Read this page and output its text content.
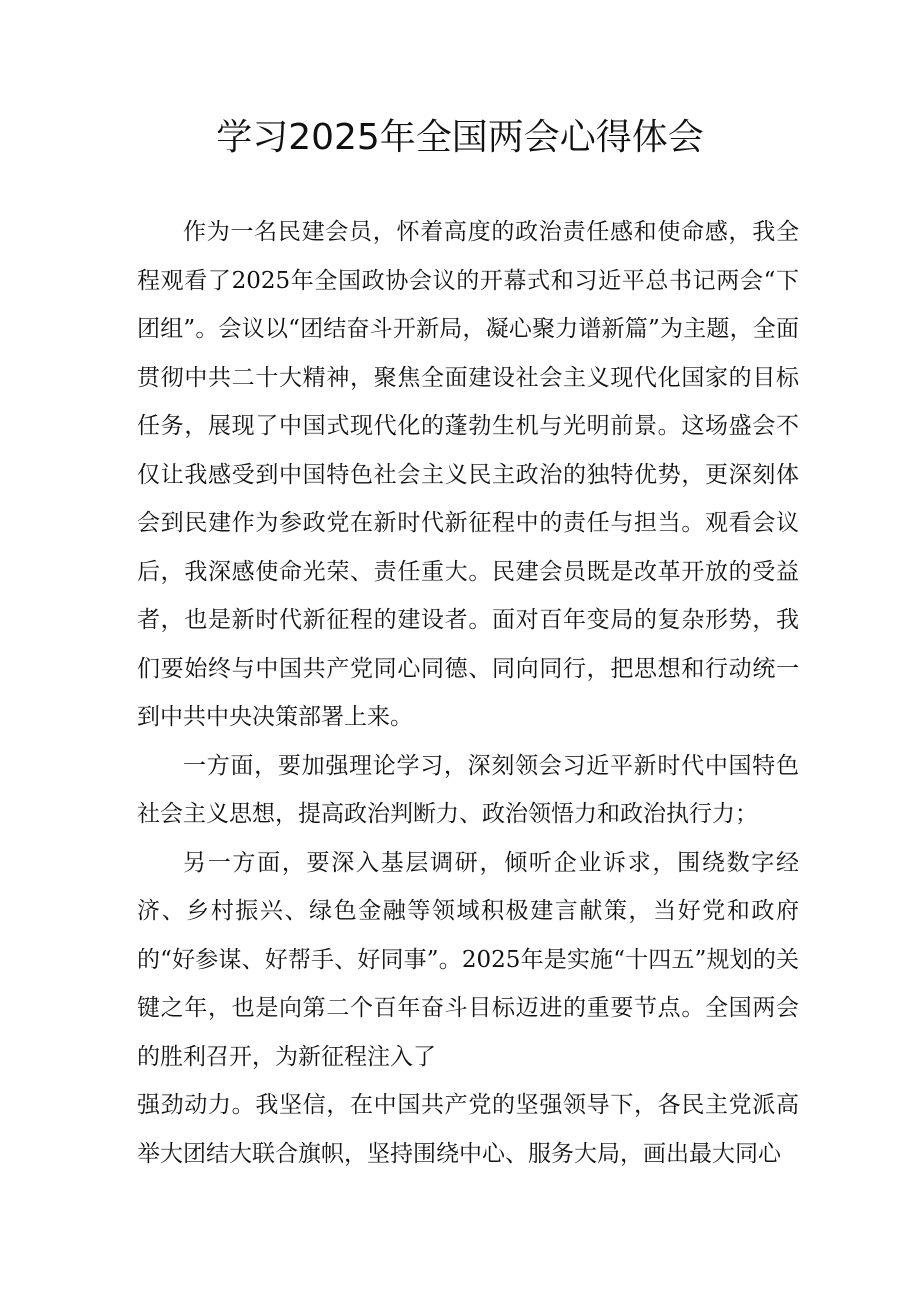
学习2025年全国两会心得体会

作为一名民建会员，怀着高度的政治责任感和使命感，我全程观看了2025年全国政协会议的开幕式和习近平总书记两会“下团组”。会议以“团结奋斗开新局，凝心聚力谱新篇”为主题，全面贯彻中共二十大精神，聚焦全面建设社会主义现代化国家的目标任务，展现了中国式现代化的蓬勃生机与光明前景。这场盛会不仅让我感受到中国特色社会主义民主政治的独特优势，更深刻体会到民建作为参政党在新时代新征程中的责任与担当。观看会议后，我深感使命光荣、责任重大。民建会员既是改革开放的受益者，也是新时代新征程的建设者。面对百年变局的复杂形势，我们要始终与中国共产党同心同德、同向同行，把思想和行动统一到中共中央决策部署上来。

一方面，要加强理论学习，深刻领会习近平新时代中国特色社会主义思想，提高政治判断力、政治领悟力和政治执行力；

另一方面，要深入基层调研，倾听企业诉求，围绕数字经济、乡村振兴、绿色金融等领域积极建言献策，当好党和政府的“好参谋、好帮手、好同事”。2025年是实施“十四五”规划的关键之年，也是向第二个百年奋斗目标迈进的重要节点。全国两会的胜利召开，为新征程注入了

强劲动力。我坚信，在中国共产党的坚强领导下，各民主党派高举大团结大联合旗帜，坚持围绕中心、服务大局，画出最大同心
